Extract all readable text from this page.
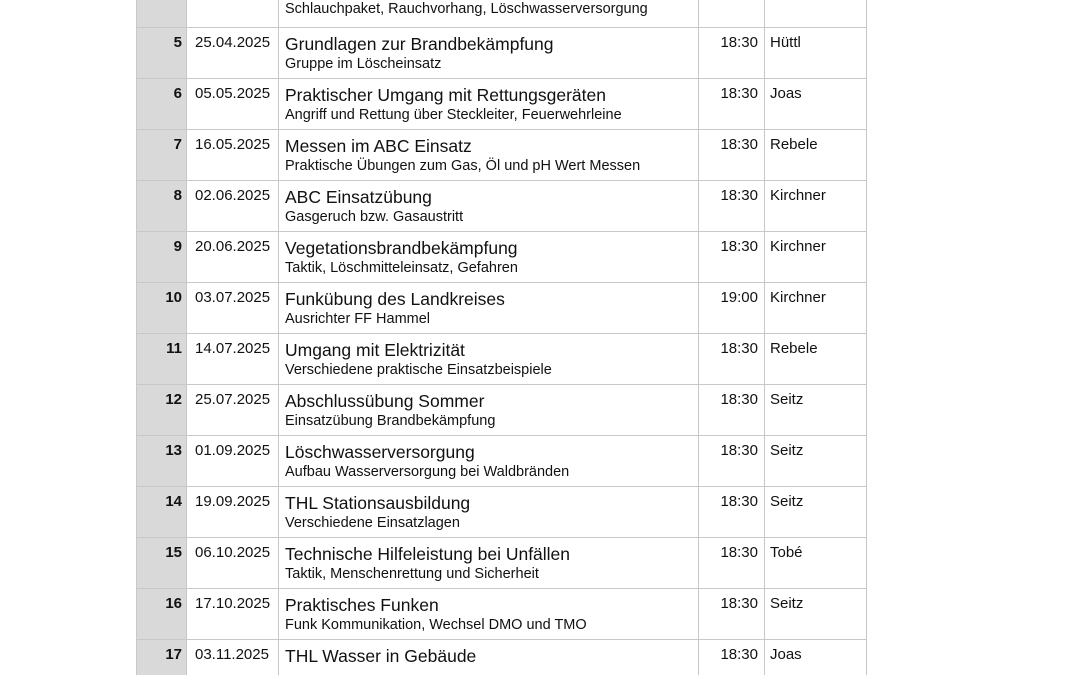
		Schlauchpaket, Rauchvorhang, Löschwasserversorgung		

5	25.04.2025	Grundlagen zur Brandbekämpfung
Gruppe im Löscheinsatz	18:30	Hüttl

6	05.05.2025	Praktischer Umgang mit Rettungsgeräten
Angriff und Rettung über Steckleiter, Feuerwehrleine	18:30	Joas

7	16.05.2025	Messen im ABC Einsatz
Praktische Übungen zum Gas, Öl und pH Wert Messen	18:30	Rebele

8	02.06.2025	ABC Einsatzübung
Gasgeruch bzw. Gasaustritt	18:30	Kirchner

9	20.06.2025	Vegetationsbrandbekämpfung
Taktik, Löschmitteleinsatz, Gefahren	18:30	Kirchner

10	03.07.2025	Funkübung des Landkreises
Ausrichter FF Hammel	19:00	Kirchner

11	14.07.2025	Umgang mit Elektrizität
Verschiedene praktische Einsatzbeispiele	18:30	Rebele

12	25.07.2025	Abschlussübung Sommer
Einsatzübung Brandbekämpfung	18:30	Seitz

13	01.09.2025	Löschwasserversorgung
Aufbau Wasserversorgung bei Waldbränden	18:30	Seitz

14	19.09.2025	THL Stationsausbildung
Verschiedene Einsatzlagen	18:30	Seitz

15	06.10.2025	Technische Hilfeleistung bei Unfällen
Taktik, Menschenrettung und Sicherheit	18:30	Tobé

16	17.10.2025	Praktisches Funken
Funk Kommunikation, Wechsel DMO und TMO	18:30	Seitz

17	03.11.2025	THL Wasser in Gebäude	18:30	Joas
